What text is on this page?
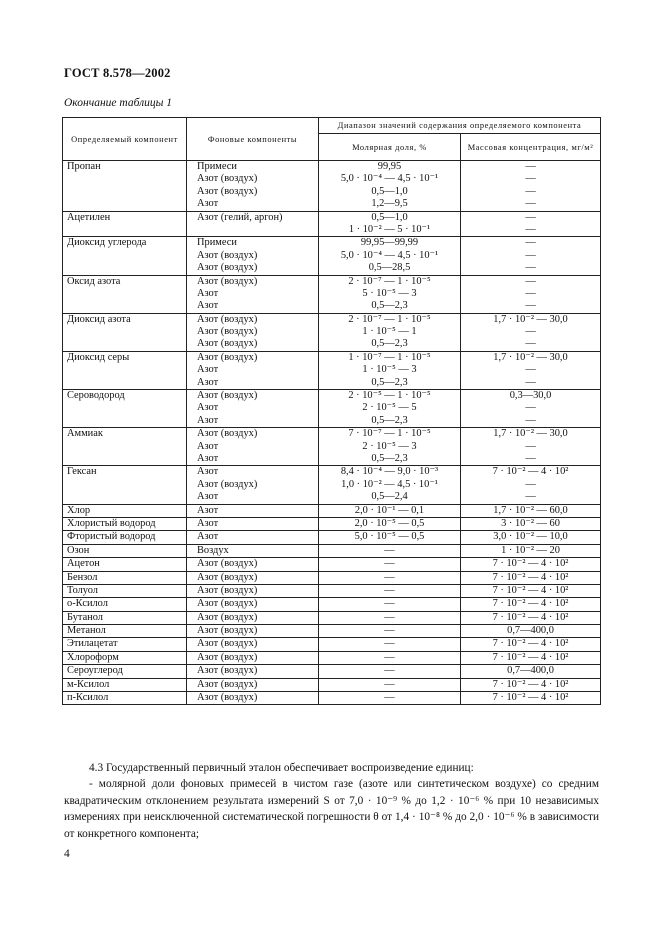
ГОСТ 8.578—2002
Окончание таблицы 1
Определяемый компонент	Фоновые компоненты	Диапазон значений содержания определяемого компонента	
		Молярная доля, %	Массовая концентрация, мг/м²

Пропан	Примеси	99,95	—

	Азот (воздух)	5,0 · 10⁻⁴ — 4,5 · 10⁻¹	—

	Азот (воздух)	0,5—1,0	—

	Азот	1,2—9,5	—

Ацетилен	Азот (гелий, аргон)	0,5—1,0	—

		1 · 10⁻² — 5 · 10⁻¹	—

Диоксид углерода	Примеси	99,95—99,99	—

	Азот (воздух)	5,0 · 10⁻⁴ — 4,5 · 10⁻¹	—

	Азот (воздух)	0,5—28,5	—

Оксид азота	Азот (воздух)	2 · 10⁻⁷ — 1 · 10⁻⁵	—

	Азот	5 · 10⁻⁵ — 3	—

	Азот	0,5—2,3	—

Диоксид азота	Азот (воздух)	2 · 10⁻⁷ — 1 · 10⁻⁵	1,7 · 10⁻² — 30,0

	Азот (воздух)	1 · 10⁻⁵ — 1	—

	Азот (воздух)	0,5—2,3	—

Диоксид серы	Азот (воздух)	1 · 10⁻⁷ — 1 · 10⁻⁵	1,7 · 10⁻² — 30,0

	Азот	1 · 10⁻⁵ — 3	—

	Азот	0,5—2,3	—

Сероводород	Азот (воздух)	2 · 10⁻⁵ — 1 · 10⁻⁵	0,3—30,0

	Азот	2 · 10⁻⁵ — 5	—

	Азот	0,5—2,3	—

Аммиак	Азот (воздух)	7 · 10⁻⁷ — 1 · 10⁻⁵	1,7 · 10⁻² — 30,0

	Азот	2 · 10⁻⁵ — 3	—

	Азот	0,5—2,3	—

Гексан	Азот	8,4 · 10⁻⁴ — 9,0 · 10⁻³	7 · 10⁻² — 4 · 10²

	Азот (воздух)	1,0 · 10⁻² — 4,5 · 10⁻¹	—

	Азот	0,5—2,4	—

Хлор	Азот	2,0 · 10⁻¹ — 0,1	1,7 · 10⁻² — 60,0

Хлористый водород	Азот	2,0 · 10⁻⁵ — 0,5	3 · 10⁻² — 60

Фтористый водород	Азот	5,0 · 10⁻⁵ — 0,5	3,0 · 10⁻² — 10,0

Озон	Воздух	—	1 · 10⁻² — 20

Ацетон	Азот (воздух)	—	7 · 10⁻² — 4 · 10²

Бензол	Азот (воздух)	—	7 · 10⁻² — 4 · 10²

Толуол	Азот (воздух)	—	7 · 10⁻² — 4 · 10²

о-Ксилол	Азот (воздух)	—	7 · 10⁻² — 4 · 10²

Бутанол	Азот (воздух)	—	7 · 10⁻² — 4 · 10²

Метанол	Азот (воздух)	—	0,7—400,0

Этилацетат	Азот (воздух)	—	7 · 10⁻² — 4 · 10²

Хлороформ	Азот (воздух)	—	7 · 10⁻² — 4 · 10²

Сероуглерод	Азот (воздух)	—	0,7—400,0

м-Ксилол	Азот (воздух)	—	7 · 10⁻² — 4 · 10²

п-Ксилол	Азот (воздух)	—	7 · 10⁻² — 4 · 10²
4.3 Государственный первичный эталон обеспечивает воспроизведение единиц:
- молярной доли фоновых примесей в чистом газе (азоте или синтетическом воздухе) со средним квадратическим отклонением результата измерений S от 7,0 · 10⁻⁹ % до 1,2 · 10⁻⁶ % при 10 независимых измерениях при неисключенной систематической погрешности θ от 1,4 · 10⁻⁸ % до 2,0 · 10⁻⁶ % в зависимости от конкретного компонента;
4
